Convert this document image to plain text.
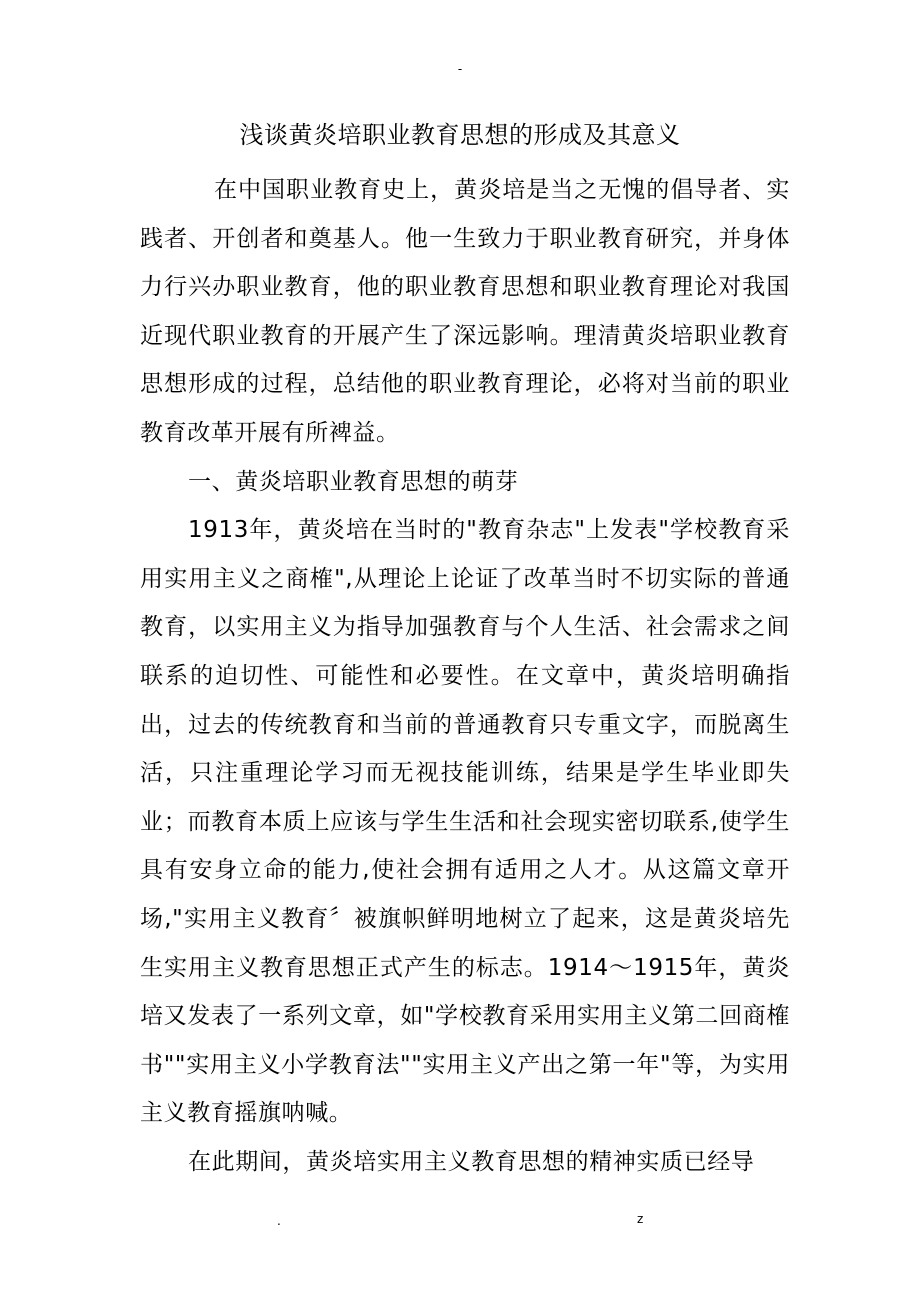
-
浅谈黄炎培职业教育思想的形成及其意义

在中国职业教育史上，黄炎培是当之无愧的倡导者、实践者、开创者和奠基人。他一生致力于职业教育研究，并身体力行兴办职业教育，他的职业教育思想和职业教育理论对我国近现代职业教育的开展产生了深远影响。理清黄炎培职业教育思想形成的过程，总结他的职业教育理论，必将对当前的职业教育改革开展有所裨益。

一、黄炎培职业教育思想的萌芽

1913年，黄炎培在当时的"教育杂志"上发表"学校教育采用实用主义之商榷",从理论上论证了改革当时不切实际的普通教育，以实用主义为指导加强教育与个人生活、社会需求之间联系的迫切性、可能性和必要性。在文章中，黄炎培明确指出，过去的传统教育和当前的普通教育只专重文字，而脱离生活，只注重理论学习而无视技能训练，结果是学生毕业即失业；而教育本质上应该与学生生活和社会现实密切联系,使学生具有安身立命的能力,使社会拥有适用之人才。从这篇文章开场,"实用主义教育〞被旗帜鲜明地树立了起来，这是黄炎培先生实用主义教育思想正式产生的标志。1914～1915年，黄炎培又发表了一系列文章，如"学校教育采用实用主义第二回商榷书""实用主义小学教育法""实用主义产出之第一年"等，为实用主义教育摇旗呐喊。

在此期间，黄炎培实用主义教育思想的精神实质已经导

.	z
